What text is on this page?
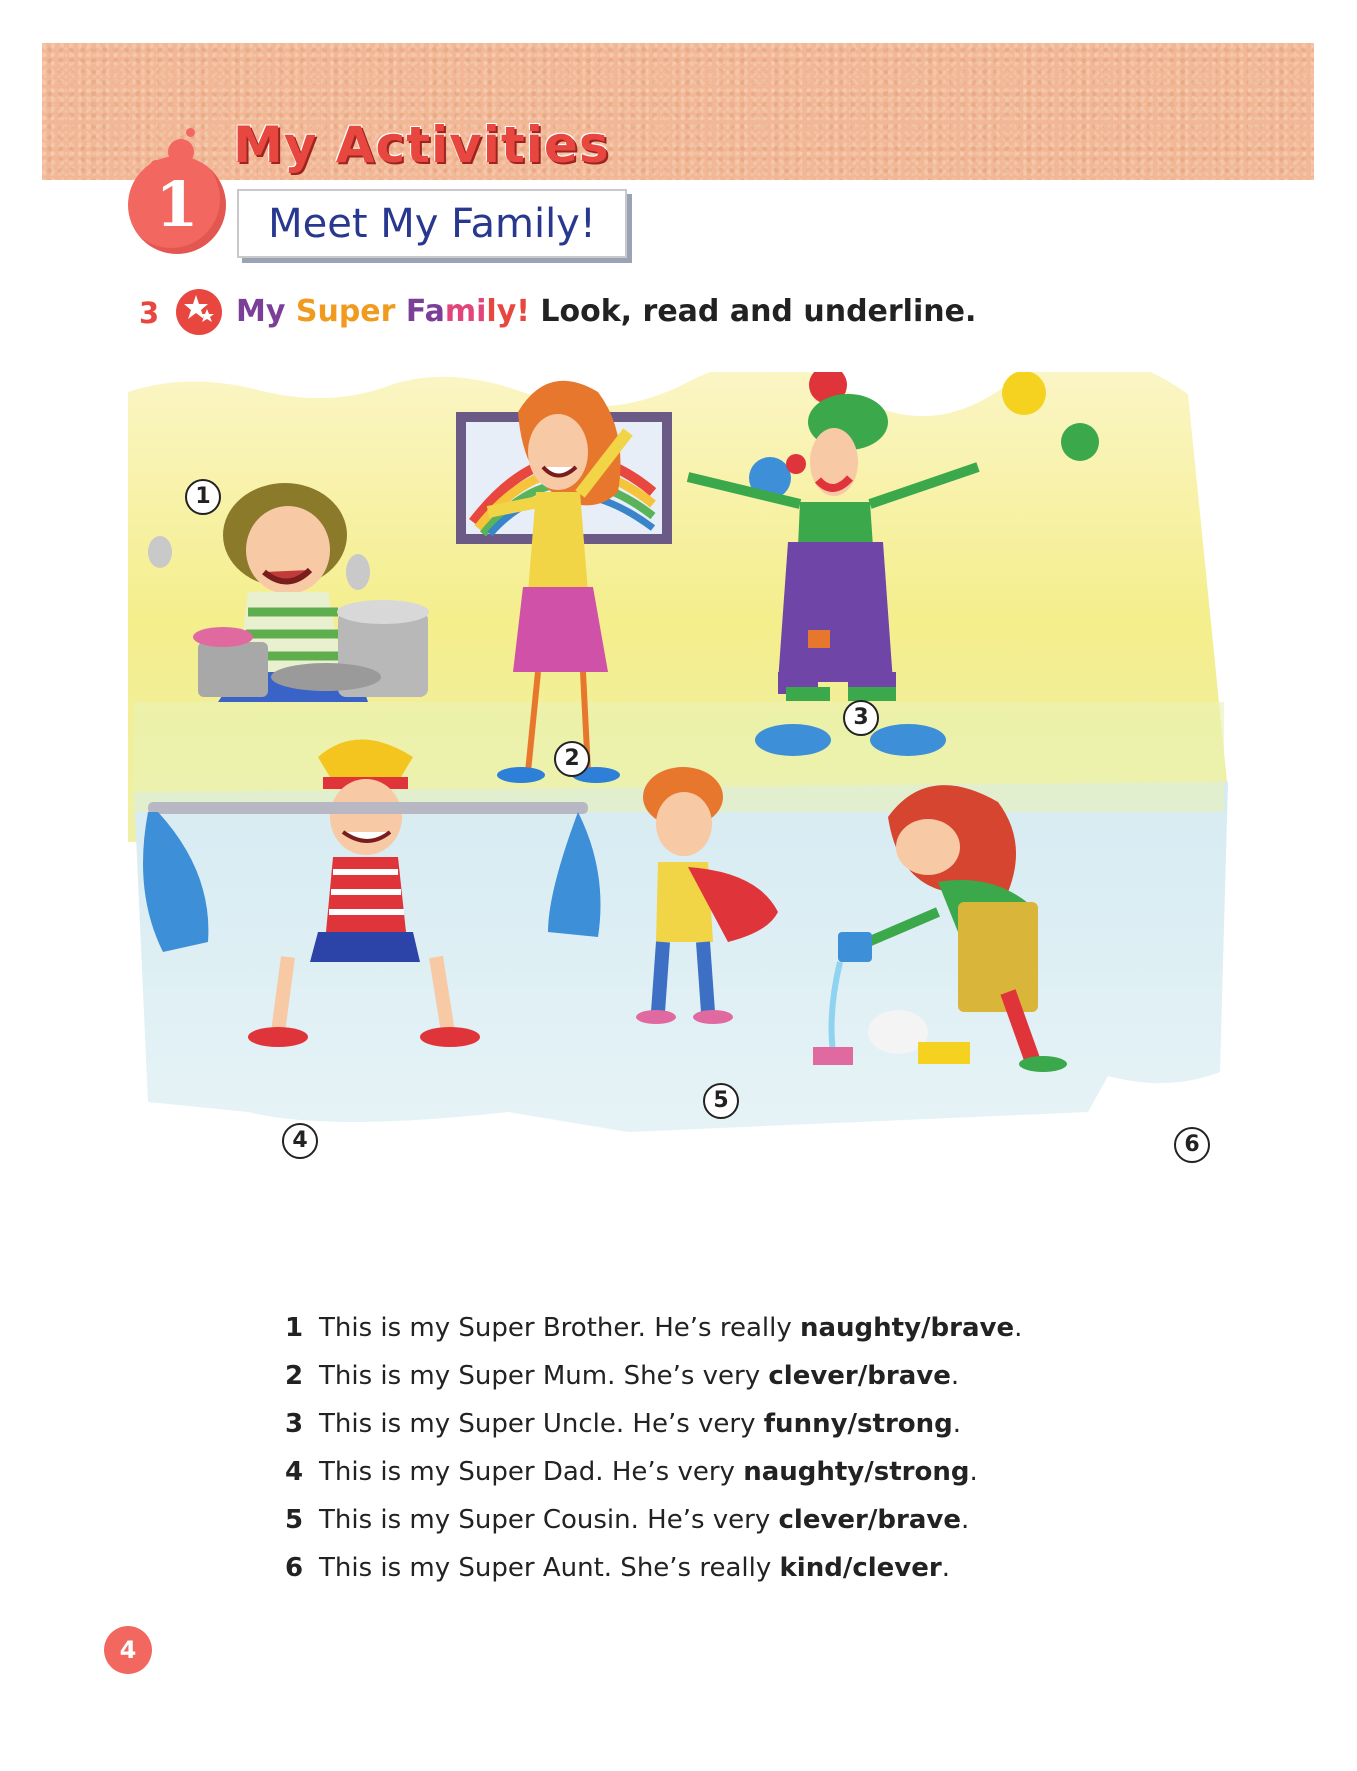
My Activities
1	Meet My Family!
3	My Super Family! Look, read and underline.
1
2
3
4
5
6
1 This is my Super Brother. He’s really naughty/brave.
2 This is my Super Mum. She’s very clever/brave.
3 This is my Super Uncle. He’s very funny/strong.
4 This is my Super Dad. He’s very naughty/strong.
5 This is my Super Cousin. He’s very clever/brave.
6 This is my Super Aunt. She’s really kind/clever.
4
